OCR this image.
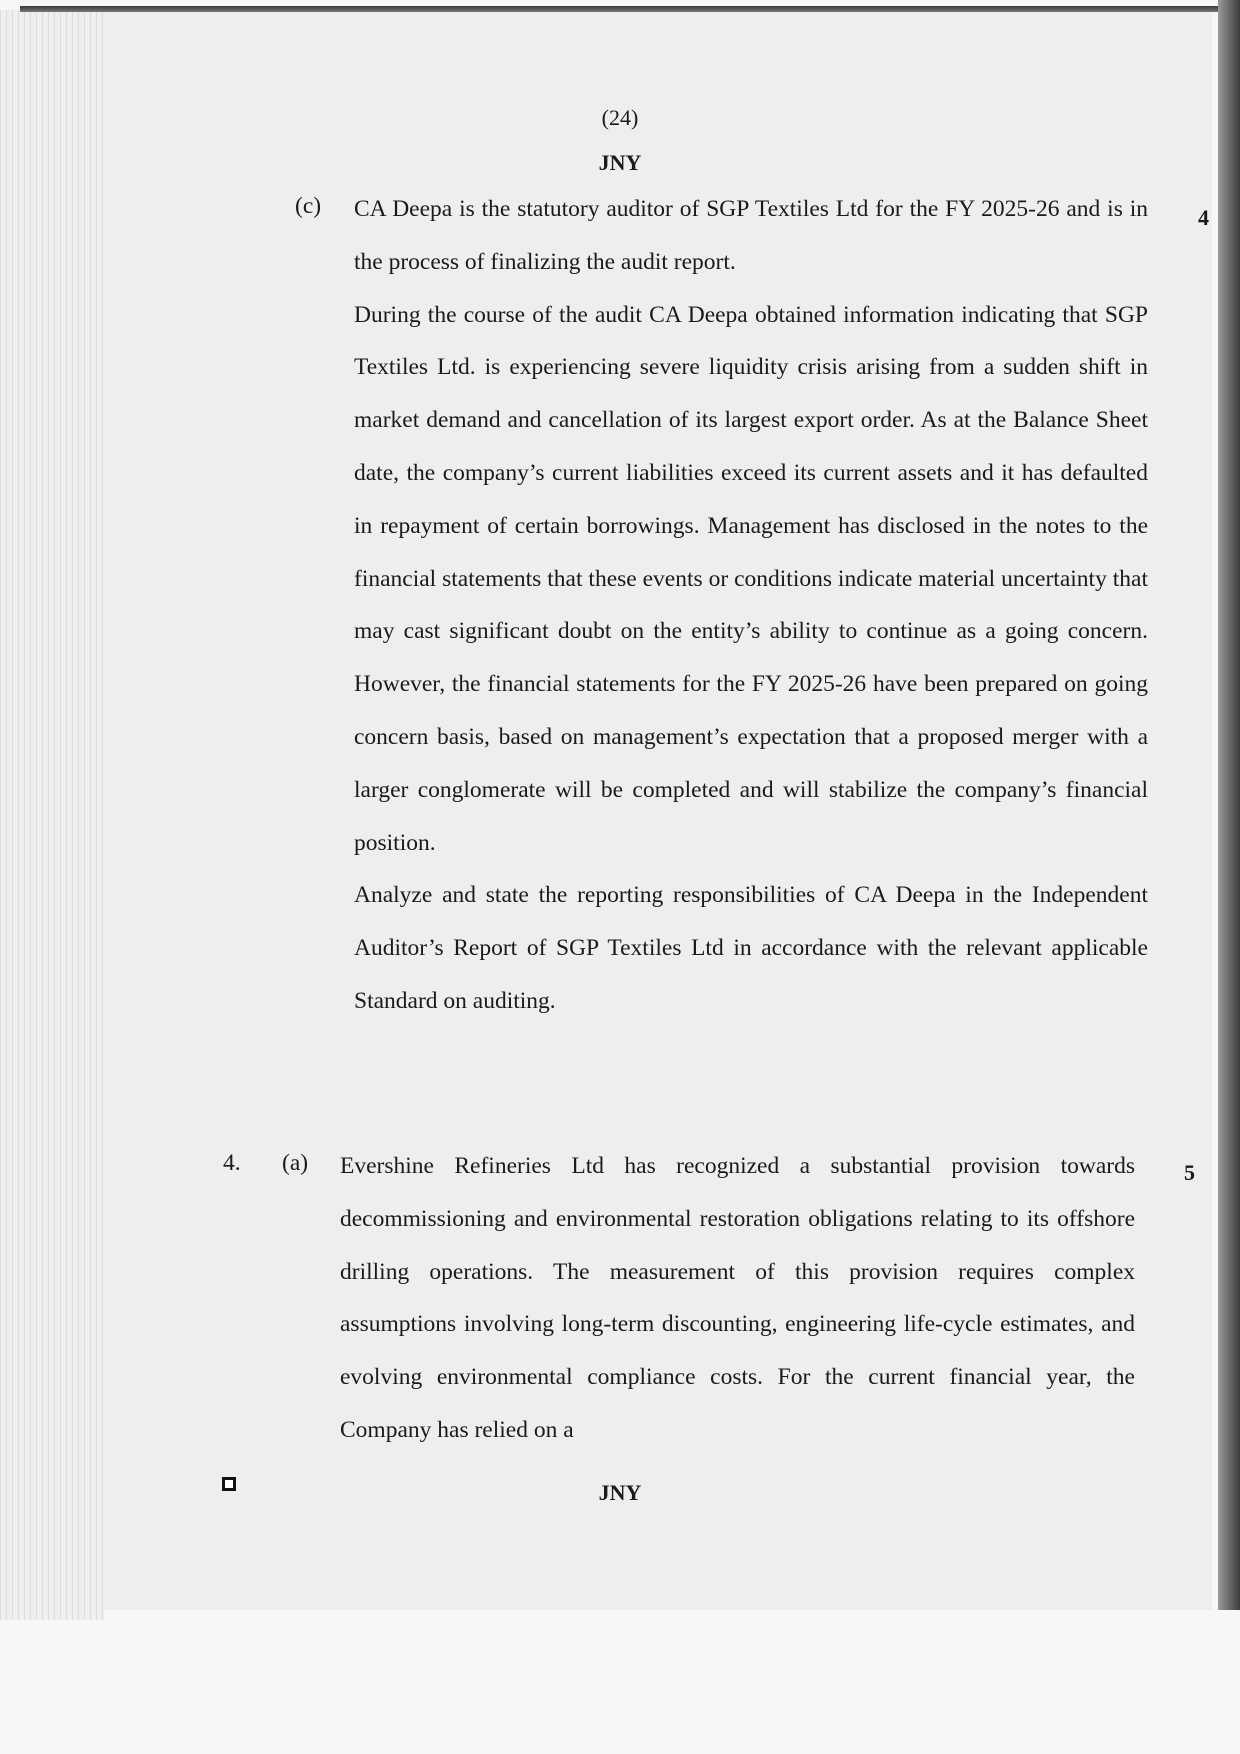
(24)
JNY
(c)	4

CA Deepa is the statutory auditor of SGP Textiles Ltd for the FY 2025-26 and is in the process of finalizing the audit report.

During the course of the audit CA Deepa obtained information indicating that SGP Textiles Ltd. is experiencing severe liquidity crisis arising from a sudden shift in market demand and cancellation of its largest export order. As at the Balance Sheet date, the company’s current liabilities exceed its current assets and it has defaulted in repayment of certain borrowings. Management has disclosed in the notes to the financial statements that these events or conditions indicate material uncertainty that may cast significant doubt on the entity’s ability to continue as a going concern. However, the financial statements for the FY 2025-26 have been prepared on going concern basis, based on management’s expectation that a proposed merger with a larger conglomerate will be completed and will stabilize the company’s financial position.

Analyze and state the reporting responsibilities of CA Deepa in the Independent Auditor’s Report of SGP Textiles Ltd in accordance with the relevant applicable Standard on auditing.

4. (a)	5

Evershine Refineries Ltd has recognized a substantial provision towards decommissioning and environmental restoration obligations relating to its offshore drilling operations. The measurement of this provision requires complex assumptions involving long-term discounting, engineering life-cycle estimates, and evolving environmental compliance costs. For the current financial year, the Company has relied on a

JNY
